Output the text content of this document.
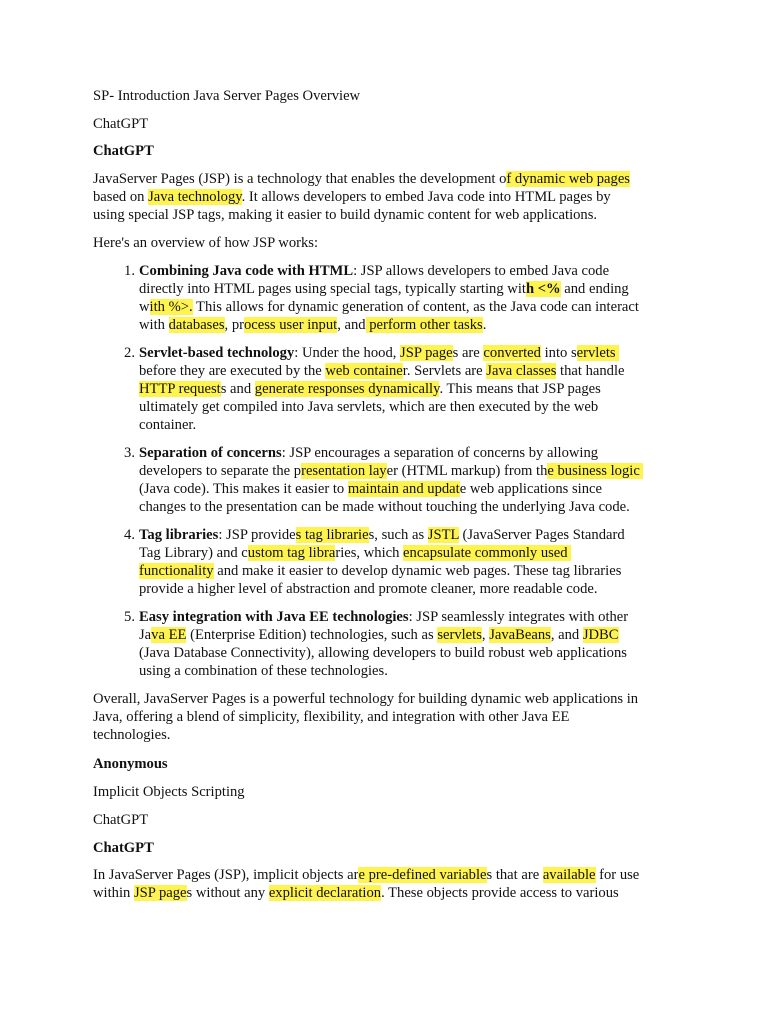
SP- Introduction Java Server Pages Overview
ChatGPT
ChatGPT
JavaServer Pages (JSP) is a technology that enables the development of dynamic web pages
based on Java technology. It allows developers to embed Java code into HTML pages by
using special JSP tags, making it easier to build dynamic content for web applications.
Here's an overview of how JSP works:
1. Combining Java code with HTML: JSP allows developers to embed Java code
directly into HTML pages using special tags, typically starting with <% and ending
with %>. This allows for dynamic generation of content, as the Java code can interact
with databases, process user input, and perform other tasks.
2. Servlet-based technology: Under the hood, JSP pages are converted into servlets
before they are executed by the web container. Servlets are Java classes that handle
HTTP requests and generate responses dynamically. This means that JSP pages
ultimately get compiled into Java servlets, which are then executed by the web
container.
3. Separation of concerns: JSP encourages a separation of concerns by allowing
developers to separate the presentation layer (HTML markup) from the business logic
(Java code). This makes it easier to maintain and update web applications since
changes to the presentation can be made without touching the underlying Java code.
4. Tag libraries: JSP provides tag libraries, such as JSTL (JavaServer Pages Standard
Tag Library) and custom tag libraries, which encapsulate commonly used
functionality and make it easier to develop dynamic web pages. These tag libraries
provide a higher level of abstraction and promote cleaner, more readable code.
5. Easy integration with Java EE technologies: JSP seamlessly integrates with other
Java EE (Enterprise Edition) technologies, such as servlets, JavaBeans, and JDBC
(Java Database Connectivity), allowing developers to build robust web applications
using a combination of these technologies.
Overall, JavaServer Pages is a powerful technology for building dynamic web applications in
Java, offering a blend of simplicity, flexibility, and integration with other Java EE
technologies.
Anonymous
Implicit Objects Scripting
ChatGPT
ChatGPT
In JavaServer Pages (JSP), implicit objects are pre-defined variables that are available for use
within JSP pages without any explicit declaration. These objects provide access to various
